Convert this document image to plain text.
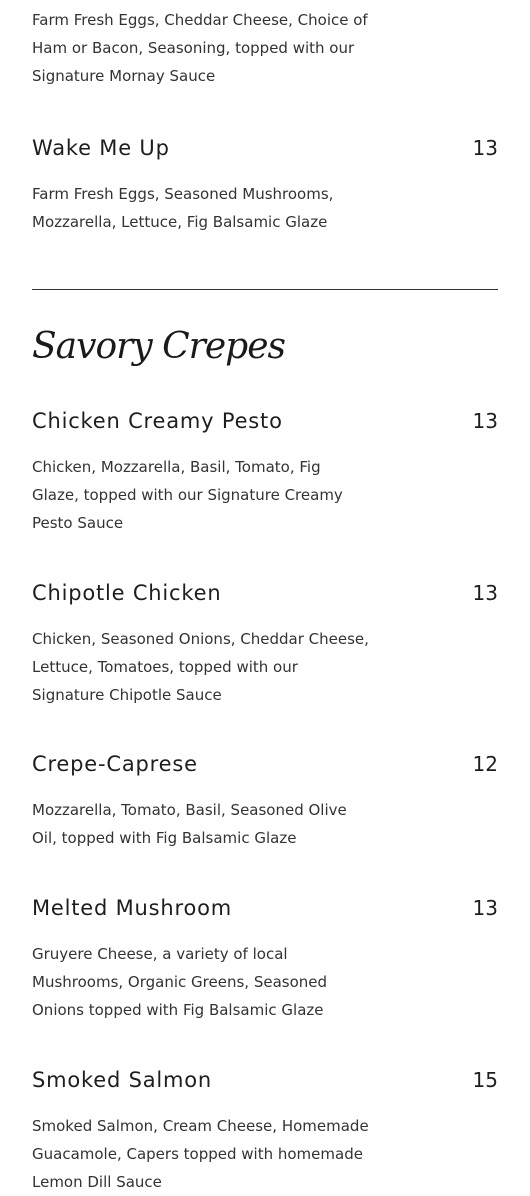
Farm Fresh Eggs, Cheddar Cheese, Choice of Ham or Bacon, Seasoning, topped with our Signature Mornay Sauce

Wake Me Up	13

Farm Fresh Eggs, Seasoned Mushrooms, Mozzarella, Lettuce, Fig Balsamic Glaze

Savory Crepes
Chicken Creamy Pesto	13

Chicken, Mozzarella, Basil, Tomato, Fig Glaze, topped with our Signature Creamy Pesto Sauce

Chipotle Chicken	13

Chicken, Seasoned Onions, Cheddar Cheese, Lettuce, Tomatoes, topped with our Signature Chipotle Sauce

Crepe-Caprese	12

Mozzarella, Tomato, Basil, Seasoned Olive Oil, topped with Fig Balsamic Glaze

Melted Mushroom	13

Gruyere Cheese, a variety of local Mushrooms, Organic Greens, Seasoned Onions topped with Fig Balsamic Glaze

Smoked Salmon	15

Smoked Salmon, Cream Cheese, Homemade Guacamole, Capers topped with homemade Lemon Dill Sauce
